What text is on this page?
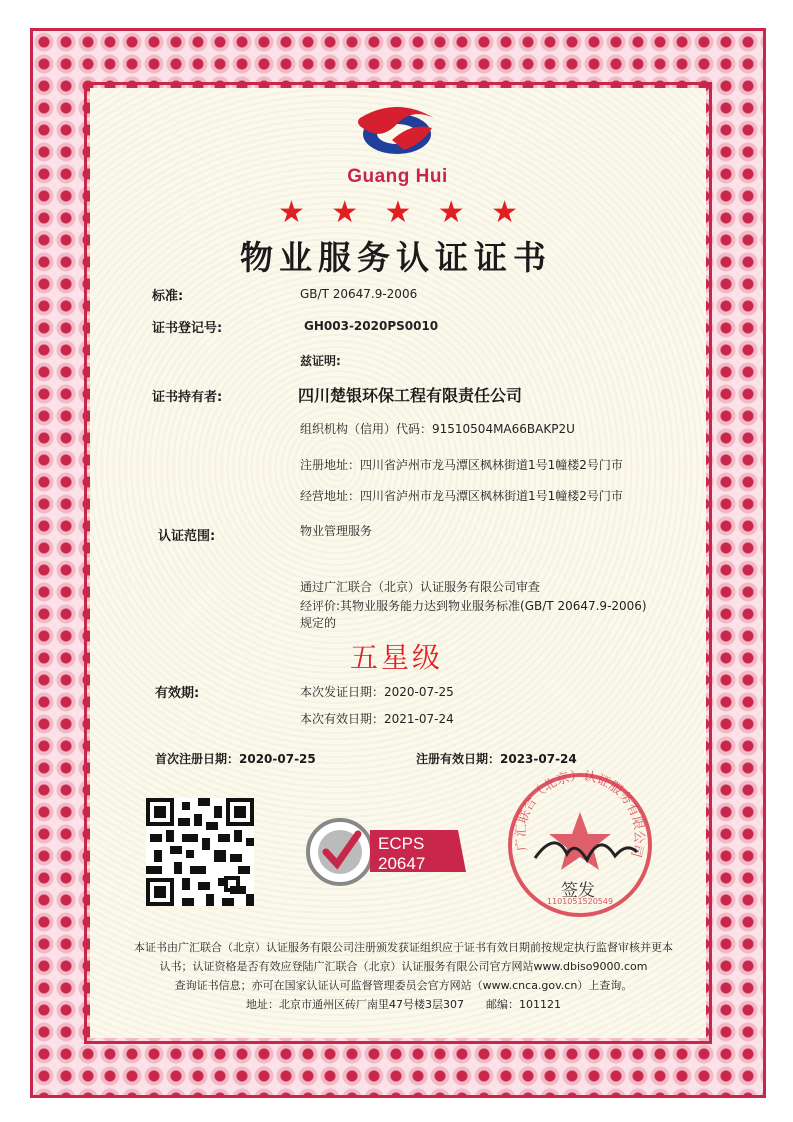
Guang Hui
★ ★ ★ ★ ★
物业服务认证证书
标准:	GB/T 20647.9-2006
证书登记号:	GH003-2020PS0010
兹证明:
证书持有者:	四川楚银环保工程有限责任公司
组织机构（信用）代码：91510504MA66BAKP2U
注册地址：四川省泸州市龙马潭区枫林街道1号1幢楼2号门市
经营地址：四川省泸州市龙马潭区枫林街道1号1幢楼2号门市
认证范围:	物业管理服务
通过广汇联合（北京）认证服务有限公司审查
经评价:其物业服务能力达到物业服务标准(GB/T 20647.9-2006)
规定的
五星级
有效期:	本次发证日期：2020-07-25
本次有效日期：2021-07-24
首次注册日期：2020-07-25	注册有效日期：2023-07-24
ECPS
20647
广汇联合（北京）认证服务有限公司
1101051520549
签发
本证书由广汇联合（北京）认证服务有限公司注册颁发获证组织应于证书有效日期前按规定执行监督审核并更本
认书；认证资格是否有效应登陆广汇联合（北京）认证服务有限公司官方网站www.dbiso9000.com
查询证书信息；亦可在国家认证认可监督管理委员会官方网站（www.cnca.gov.cn）上查询。
地址：北京市通州区砖厂南里47号楼3层307　　邮编：101121
